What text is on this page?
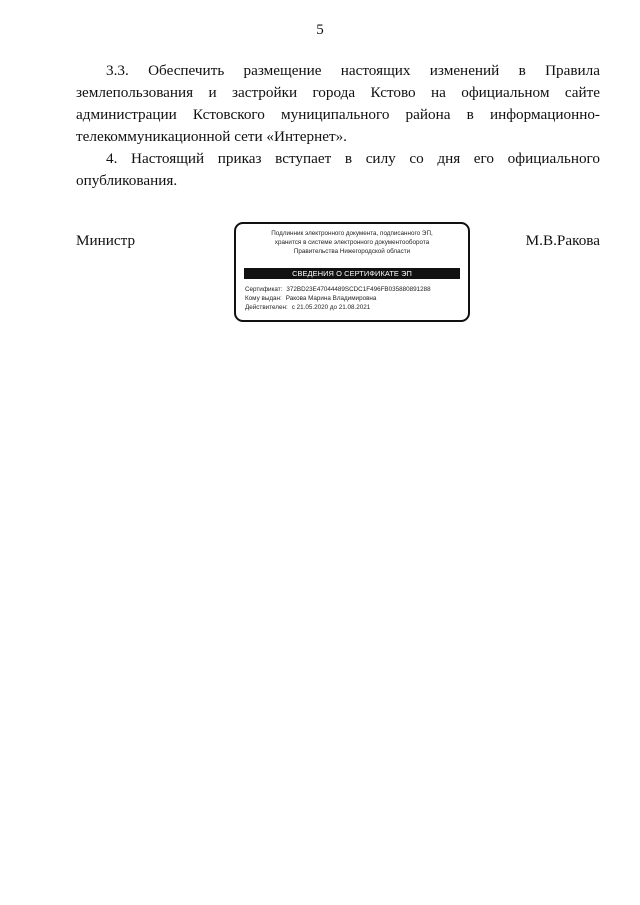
5

3.3. Обеспечить размещение настоящих изменений в Правила землепользования и застройки города Кстово на официальном сайте администрации Кстовского муниципального района в информационно-телекоммуникационной сети «Интернет».

4. Настоящий приказ вступает в силу со дня его официального опубликования.

Министр	Подлинник электронного документа, подписанного ЭП,
хранится в системе электронного документооборота
Правительства Нижегородской области
СВЕДЕНИЯ О СЕРТИФИКАТЕ ЭП
Сертификат: 372BD23E47044489SCDC1F496FB035880891288
Кому выдан: Ракова Марина Владимировна
Действителен: с 21.05.2020 до 21.08.2021
М.В.Ракова
